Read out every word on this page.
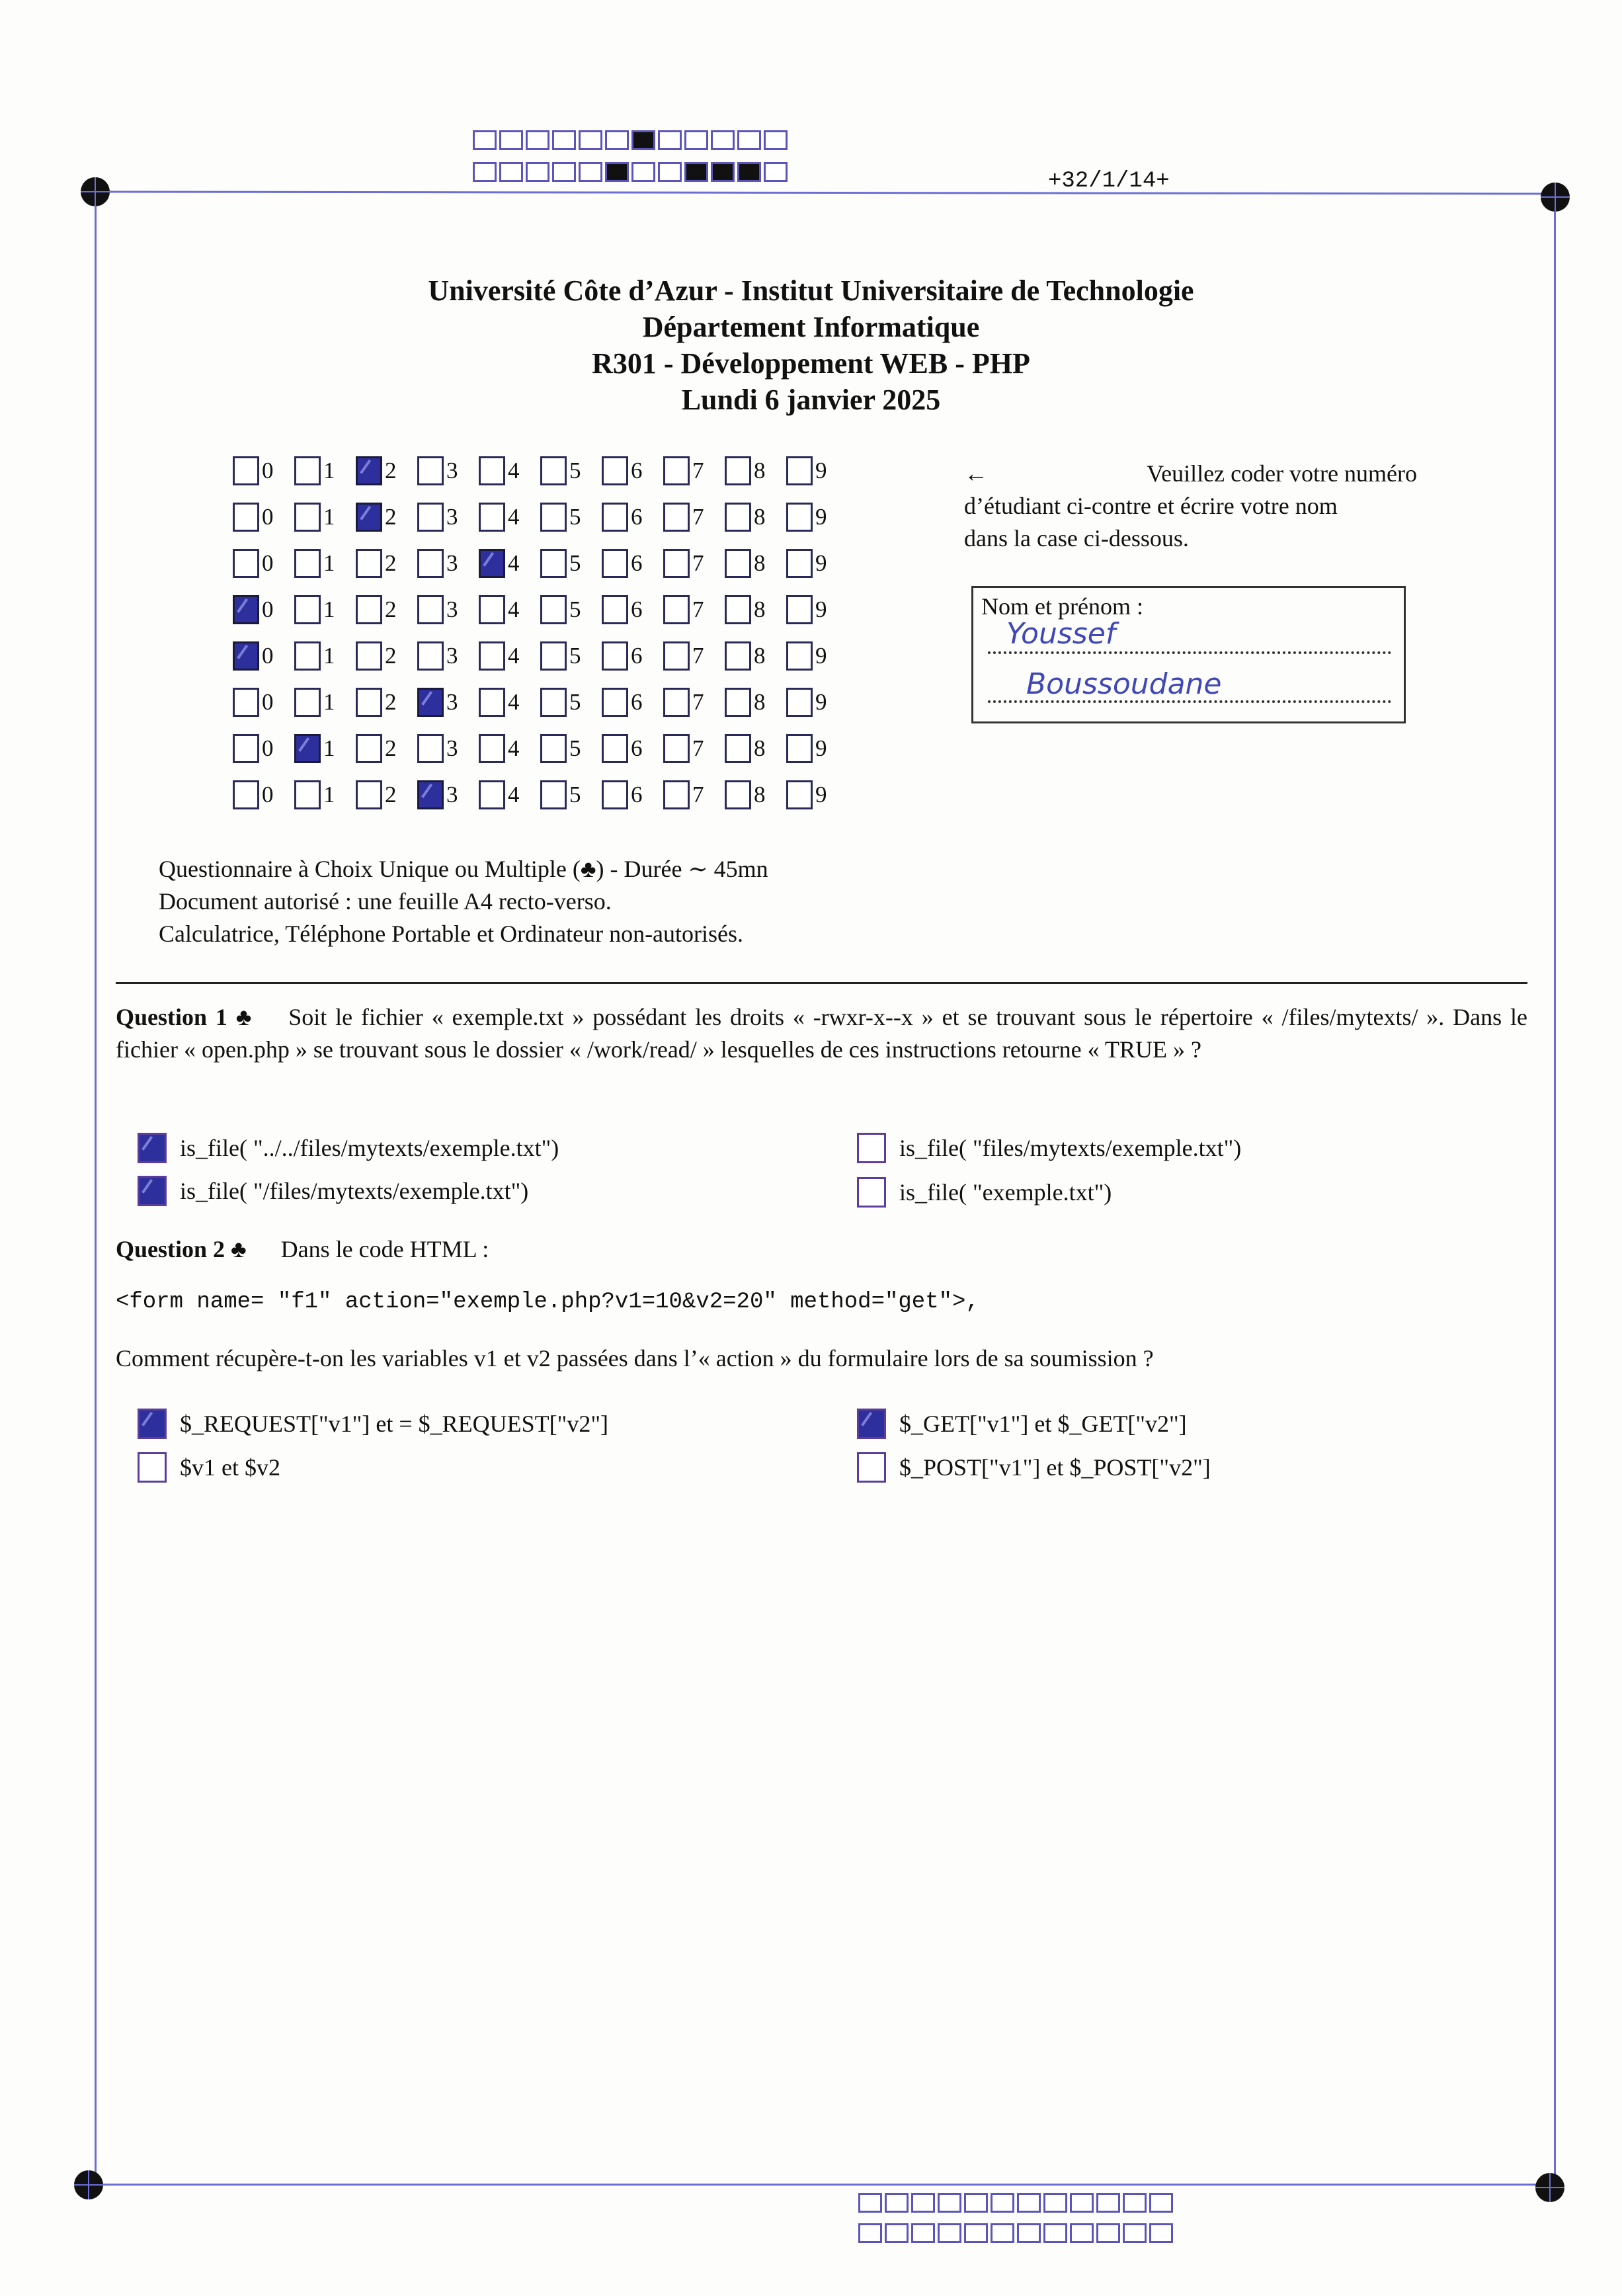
+32/1/14+
Université Côte d’Azur - Institut Universitaire de Technologie
Département Informatique
R301 - Développement WEB - PHP
Lundi 6 janvier 2025
0 1 2 3 4 5 6 7 8 9
0 1 2 3 4 5 6 7 8 9
0 1 2 3 4 5 6 7 8 9
0 1 2 3 4 5 6 7 8 9
0 1 2 3 4 5 6 7 8 9
0 1 2 3 4 5 6 7 8 9
0 1 2 3 4 5 6 7 8 9
0 1 2 3 4 5 6 7 8 9
←	Veuillez coder votre numéro
d’étudiant ci-contre et écrire votre nom
dans la case ci-dessous.
Nom et prénom :
Youssef
Boussoudane
Questionnaire à Choix Unique ou Multiple (♣) - Durée ∼ 45mn
Document autorisé : une feuille A4 recto-verso.
Calculatrice, Téléphone Portable et Ordinateur non-autorisés.
Question 1 ♣ Soit le fichier « exemple.txt » possédant les droits « -rwxr-x--x » et se trouvant sous le répertoire « /files/mytexts/ ». Dans le fichier « open.php » se trouvant sous le dossier « /work/read/ » lesquelles de ces instructions retourne « TRUE » ?
is_file( "../../files/mytexts/exemple.txt")	is_file( "files/mytexts/exemple.txt")
is_file( "/files/mytexts/exemple.txt")	is_file( "exemple.txt")
Question 2 ♣ Dans le code HTML :
<form name= "f1" action="exemple.php?v1=10&v2=20" method="get">,
Comment récupère-t-on les variables v1 et v2 passées dans l’« action » du formulaire lors de sa soumission ?
$_REQUEST["v1"] et = $_REQUEST["v2"]	$_GET["v1"] et $_GET["v2"]
$v1 et $v2	$_POST["v1"] et $_POST["v2"]
